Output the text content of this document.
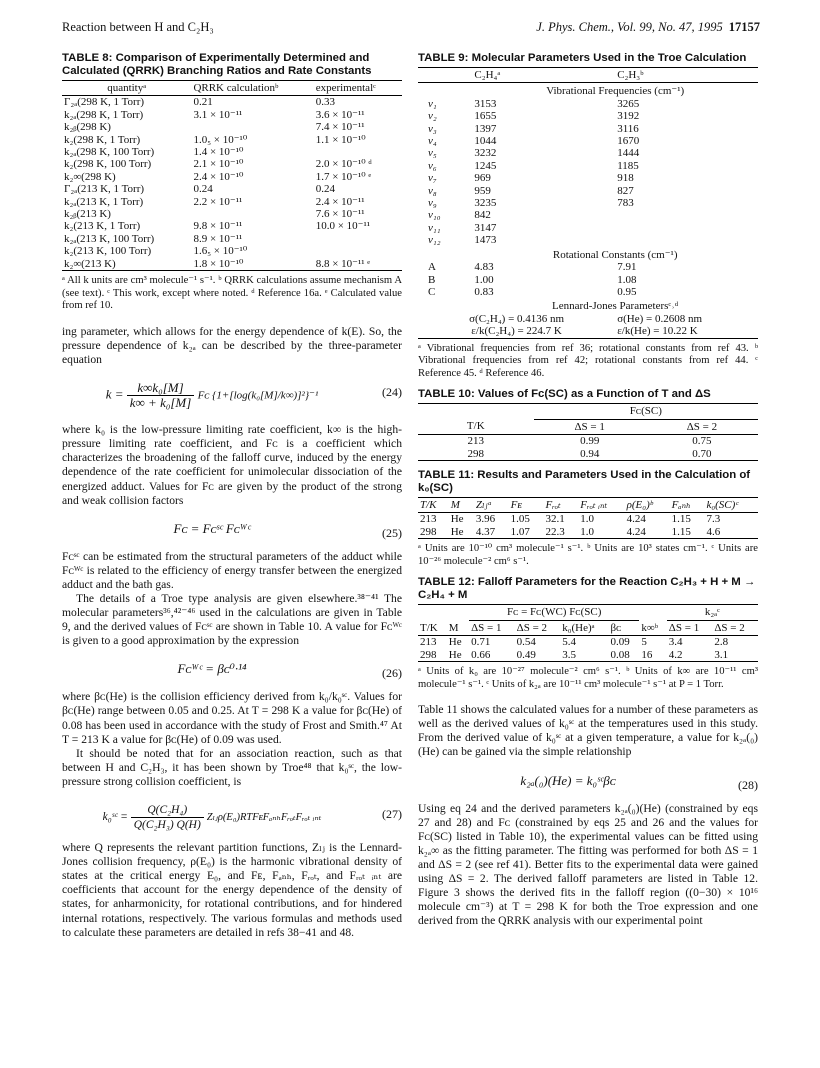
Reaction between H and C₂H₃	J. Phys. Chem., Vol. 99, No. 47, 1995 17157
TABLE 8: Comparison of Experimentally Determined and Calculated (QRRK) Branching Ratios and Rate Constants
quantityᵃ	QRRK calculationᵇ	experimentalᶜ
Γ₂ₐ(298 K, 1 Torr)	0.21	0.33
k₂ₐ(298 K, 1 Torr)	3.1 × 10⁻¹¹	3.6 × 10⁻¹¹
k₂ᵦ(298 K)		7.4 × 10⁻¹¹
k₂(298 K, 1 Torr)	1.0₅ × 10⁻¹⁰	1.1 × 10⁻¹⁰
k₂ₐ(298 K, 100 Torr)	1.4 × 10⁻¹⁰	
k₂(298 K, 100 Torr)	2.1 × 10⁻¹⁰	2.0 × 10⁻¹⁰ ᵈ
k₂∞(298 K)	2.4 × 10⁻¹⁰	1.7 × 10⁻¹⁰ ᵉ
Γ₂ₐ(213 K, 1 Torr)	0.24	0.24
k₂ₐ(213 K, 1 Torr)	2.2 × 10⁻¹¹	2.4 × 10⁻¹¹
k₂ᵦ(213 K)		7.6 × 10⁻¹¹
k₂(213 K, 1 Torr)	9.8 × 10⁻¹¹	10.0 × 10⁻¹¹
k₂ₐ(213 K, 100 Torr)	8.9 × 10⁻¹¹	
k₂(213 K, 100 Torr)	1.6₅ × 10⁻¹⁰	
k₂∞(213 K)	1.8 × 10⁻¹⁰	8.8 × 10⁻¹¹ ᵉ
ᵃ All k units are cm³ molecule⁻¹ s⁻¹. ᵇ QRRK calculations assume mechanism A (see text). ᶜ This work, except where noted. ᵈ Reference 16a. ᵉ Calculated value from ref 10.

ing parameter, which allows for the energy dependence of k(E). So, the pressure dependence of k₂ₐ can be described by the three-parameter equation

$k = \frac{\text{k∞k₀[M]}}{\text{k∞ + k₀[M]}}$ Fᴄ {1+[log(k₀[M]/k∞)]²}⁻¹	(24)

where k₀ is the low-pressure limiting rate coefficient, k∞ is the high-pressure limiting rate coefficient, and Fᴄ is a coefficient which characterizes the broadening of the falloff curve, induced by the energy dependence of the rate coefficient for unimolecular dissociation of the energized adduct. Values for Fᴄ are given by the product of the strong and weak collision factors

Fᴄ = Fᴄˢᶜ Fᴄᵂᶜ	(25)

Fᴄˢᶜ can be estimated from the structural parameters of the adduct while Fᴄᵂᶜ is related to the efficiency of energy transfer between the energized adduct and the bath gas.

The details of a Troe type analysis are given elsewhere.³⁸⁻⁴¹ The molecular parameters³⁶,⁴²⁻⁴⁶ used in the calculations are given in Table 9, and the derived values of Fᴄˢᶜ are shown in Table 10. A value for Fᴄᵂᶜ is given to a good approximation by the expression

Fᴄᵂᶜ = βᴄ⁰·¹⁴	(26)

where βᴄ(He) is the collision efficiency derived from k₀/k₀ˢᶜ. Values for βᴄ(He) range between 0.05 and 0.25. At T = 298 K a value for βᴄ(He) of 0.08 has been used in accordance with the study of Frost and Smith.⁴⁷ At T = 213 K a value for βᴄ(He) of 0.09 was used.

It should be noted that for an association reaction, such as that between H and C₂H₃, it has been shown by Troe⁴⁸ that k₀ˢᶜ, the low-pressure strong collision coefficient, is

k₀ˢᶜ = $\frac{\text{Q(C₂H₄)}}{\text{Q(C₂H₃) Q(H)}}$ Zₗⱼρ(E₀)RTFᴇFₐₙₕFᵣₒₜFᵣₒₜ ᵢₙₜ	(27)

where Q represents the relevant partition functions, Zₗⱼ is the Lennard-Jones collision frequency, ρ(E₀) is the harmonic vibrational density of states at the critical energy E₀, and Fᴇ, Fₐₙₕ, Fᵣₒₜ, and Fᵣₒₜ ᵢₙₜ are coefficients that account for the energy dependence of the density of states, for anharmonicity, for rotational contributions, and for hindered internal rotations, respectively. The various formulas and methods used to calculate these parameters are detailed in refs 38−41 and 48.

TABLE 9: Molecular Parameters Used in the Troe Calculation
	C₂H₄ᵃ	C₂H₃ᵇ
	Vibrational Frequencies (cm⁻¹)	
ν₁	3153	3265
ν₂	1655	3192
ν₃	1397	3116
ν₄	1044	1670
ν₅	3232	1444
ν₆	1245	1185
ν₇	969	918
ν₈	959	827
ν₉	3235	783
ν₁₀	842	
ν₁₁	3147	
ν₁₂	1473	
	Rotational Constants (cm⁻¹)	
A	4.83	7.91
B	1.00	1.08
C	0.83	0.95
	Lennard-Jones Parametersᶜ˒ᵈ	
σ(C₂H₄) = 0.4136 nm		σ(He) = 0.2608 nm
ε/k(C₂H₄) = 224.7 K		ε/k(He) = 10.22 K
ᵃ Vibrational frequencies from ref 36; rotational constants from ref 43. ᵇ Vibrational frequencies from ref 42; rotational constants from ref 44. ᶜ Reference 45. ᵈ Reference 46.
TABLE 10: Values of Fᴄ(SC) as a Function of T and ΔS
	Fᴄ(SC)	
T/K	ΔS = 1	ΔS = 2
213	0.99	0.75
298	0.94	0.70
TABLE 11: Results and Parameters Used in the Calculation of k₀(SC)
T/K	M	Zₗⱼᵃ	Fᴇ	Fᵣₒₜ	Fᵣₒₜ ᵢₙₜ	ρ(E₀)ᵇ	Fₐₙₕ	k₀(SC)ᶜ
213	He	3.96	1.05	32.1	1.0	4.24	1.15	7.3
298	He	4.37	1.07	22.3	1.0	4.24	1.15	4.6
ᵃ Units are 10⁻¹⁰ cm³ molecule⁻¹ s⁻¹. ᵇ Units are 10³ states cm⁻¹. ᶜ Units are 10⁻²⁶ molecule⁻² cm⁶ s⁻¹.
TABLE 12: Falloff Parameters for the Reaction C₂H₃ + H + M → C₂H₄ + M
		Fᴄ = Fᴄ(WC) Fᴄ(SC)					k₂ₐᶜ	
T/K	M	ΔS = 1	ΔS = 2	k₀(He)ᵃ	βᴄ	k∞ᵇ	ΔS = 1	ΔS = 2
213	He	0.71	0.54	5.4	0.09	5	3.4	2.8
298	He	0.66	0.49	3.5	0.08	16	4.2	3.1
ᵃ Units of k₀ are 10⁻²⁷ molecule⁻² cm⁶ s⁻¹. ᵇ Units of k∞ are 10⁻¹¹ cm³ molecule⁻¹ s⁻¹. ᶜ Units of k₂ₐ are 10⁻¹¹ cm³ molecule⁻¹ s⁻¹ at P = 1 Torr.

Table 11 shows the calculated values for a number of these parameters as well as the derived values of k₀ˢᶜ at the temperatures used in this study. From the derived value of k₀ˢᶜ at a given temperature, a value for k₂ₐ(₀)(He) can be gained via the simple relationship

k₂ₐ(₀)(He) = k₀ˢᶜβᴄ	(28)

Using eq 24 and the derived parameters k₂ₐ(₀)(He) (constrained by eqs 27 and 28) and Fᴄ (constrained by eqs 25 and 26 and the values for Fᴄ(SC) listed in Table 10), the experimental values can be fitted using k₂ₐ∞ as the fitting parameter. The fitting was performed for both ΔS = 1 and ΔS = 2 (see ref 41). Better fits to the experimental data were gained using ΔS = 2. The derived falloff parameters are listed in Table 12. Figure 3 shows the derived fits in the falloff region ((0−30) × 10¹⁶ molecule cm⁻³) at T = 298 K for both the Troe expression and one derived from the QRRK analysis with our experimental point
